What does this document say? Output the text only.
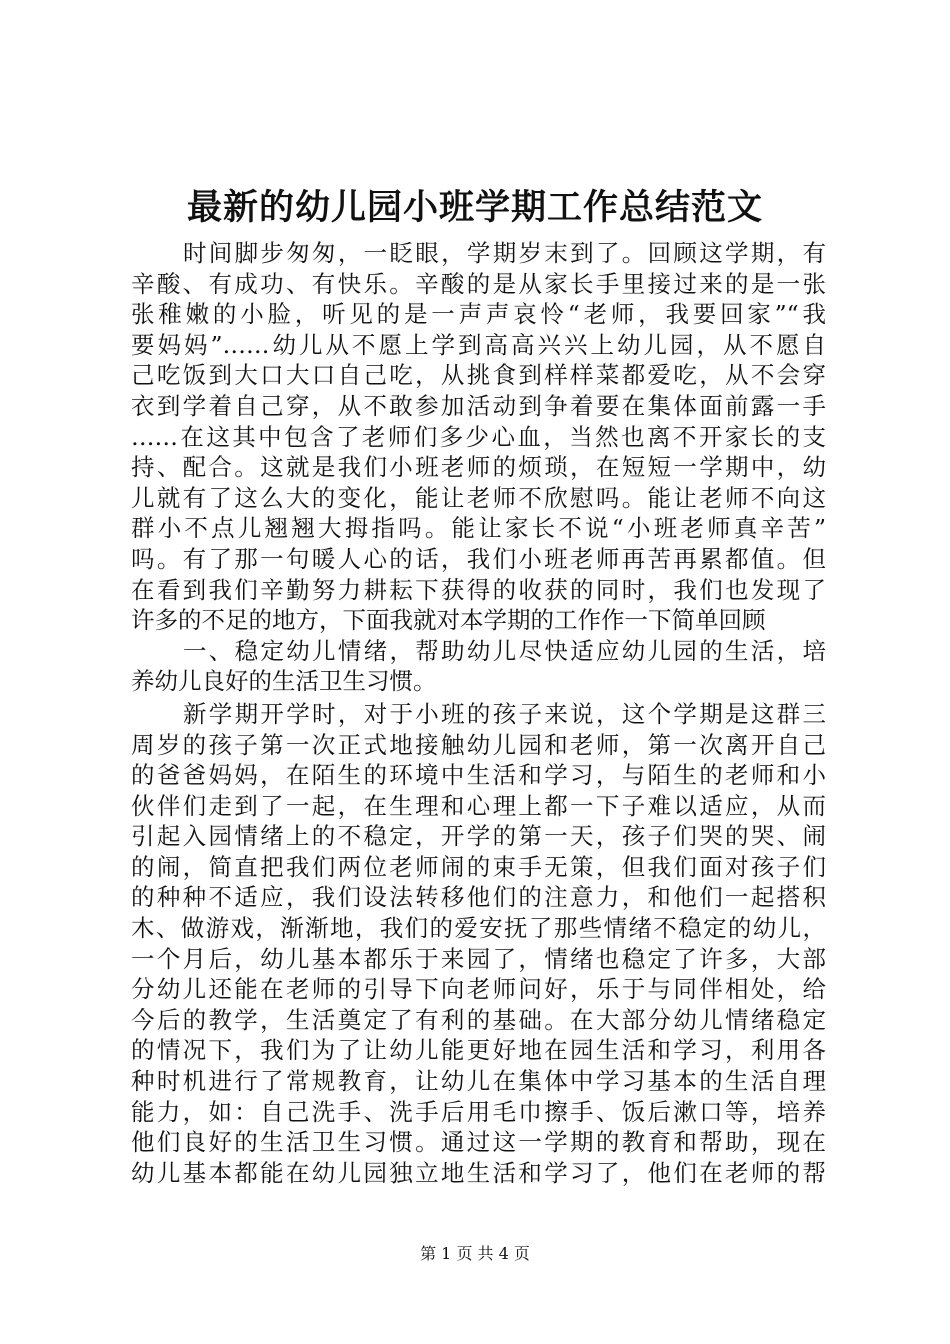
最新的幼儿园小班学期工作总结范文
时间脚步匆匆，一眨眼，学期岁末到了。回顾这学期，有
辛酸、有成功、有快乐。辛酸的是从家长手里接过来的是一张
张稚嫩的小脸，听见的是一声声哀怜“老师，我要回家”“我
要妈妈”……幼儿从不愿上学到高高兴兴上幼儿园，从不愿自
己吃饭到大口大口自己吃，从挑食到样样菜都爱吃，从不会穿
衣到学着自己穿，从不敢参加活动到争着要在集体面前露一手
……在这其中包含了老师们多少心血，当然也离不开家长的支
持、配合。这就是我们小班老师的烦琐，在短短一学期中，幼
儿就有了这么大的变化，能让老师不欣慰吗。能让老师不向这
群小不点儿翘翘大拇指吗。能让家长不说“小班老师真辛苦”
吗。有了那一句暖人心的话，我们小班老师再苦再累都值。但
在看到我们辛勤努力耕耘下获得的收获的同时，我们也发现了
许多的不足的地方，下面我就对本学期的工作作一下简单回顾
一、稳定幼儿情绪，帮助幼儿尽快适应幼儿园的生活，培
养幼儿良好的生活卫生习惯。
新学期开学时，对于小班的孩子来说，这个学期是这群三
周岁的孩子第一次正式地接触幼儿园和老师，第一次离开自己
的爸爸妈妈，在陌生的环境中生活和学习，与陌生的老师和小
伙伴们走到了一起，在生理和心理上都一下子难以适应，从而
引起入园情绪上的不稳定，开学的第一天，孩子们哭的哭、闹
的闹，简直把我们两位老师闹的束手无策，但我们面对孩子们
的种种不适应，我们设法转移他们的注意力，和他们一起搭积
木、做游戏，渐渐地，我们的爱安抚了那些情绪不稳定的幼儿，
一个月后，幼儿基本都乐于来园了，情绪也稳定了许多，大部
分幼儿还能在老师的引导下向老师问好，乐于与同伴相处，给
今后的教学，生活奠定了有利的基础。在大部分幼儿情绪稳定
的情况下，我们为了让幼儿能更好地在园生活和学习，利用各
种时机进行了常规教育，让幼儿在集体中学习基本的生活自理
能力，如：自己洗手、洗手后用毛巾擦手、饭后漱口等，培养
他们良好的生活卫生习惯。通过这一学期的教育和帮助，现在
幼儿基本都能在幼儿园独立地生活和学习了，他们在老师的帮
第 1 页 共 4 页
